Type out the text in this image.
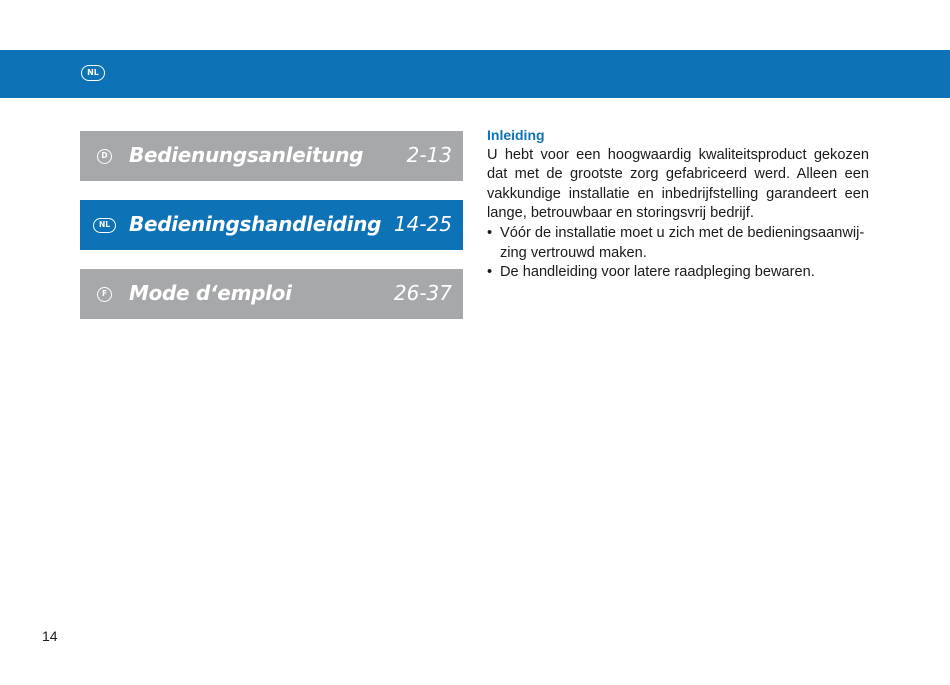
NL
D Bedienungsanleitung 2-13
NL Bedieningshandleiding 14-25
F Mode d‘emploi	26-37
Inleiding

U hebt voor een hoogwaardig kwaliteitsproduct gekozen dat met de grootste zorg gefabriceerd werd. Alleen een vakkundige installatie en inbedrijfstelling garandeert een lange, betrouwbaar en storingsvrij bedrijf.

• Vóór de installatie moet u zich met de bedieningsaanwij-zing vertrouwd maken.
• De handleiding voor latere raadpleging bewaren.
14
